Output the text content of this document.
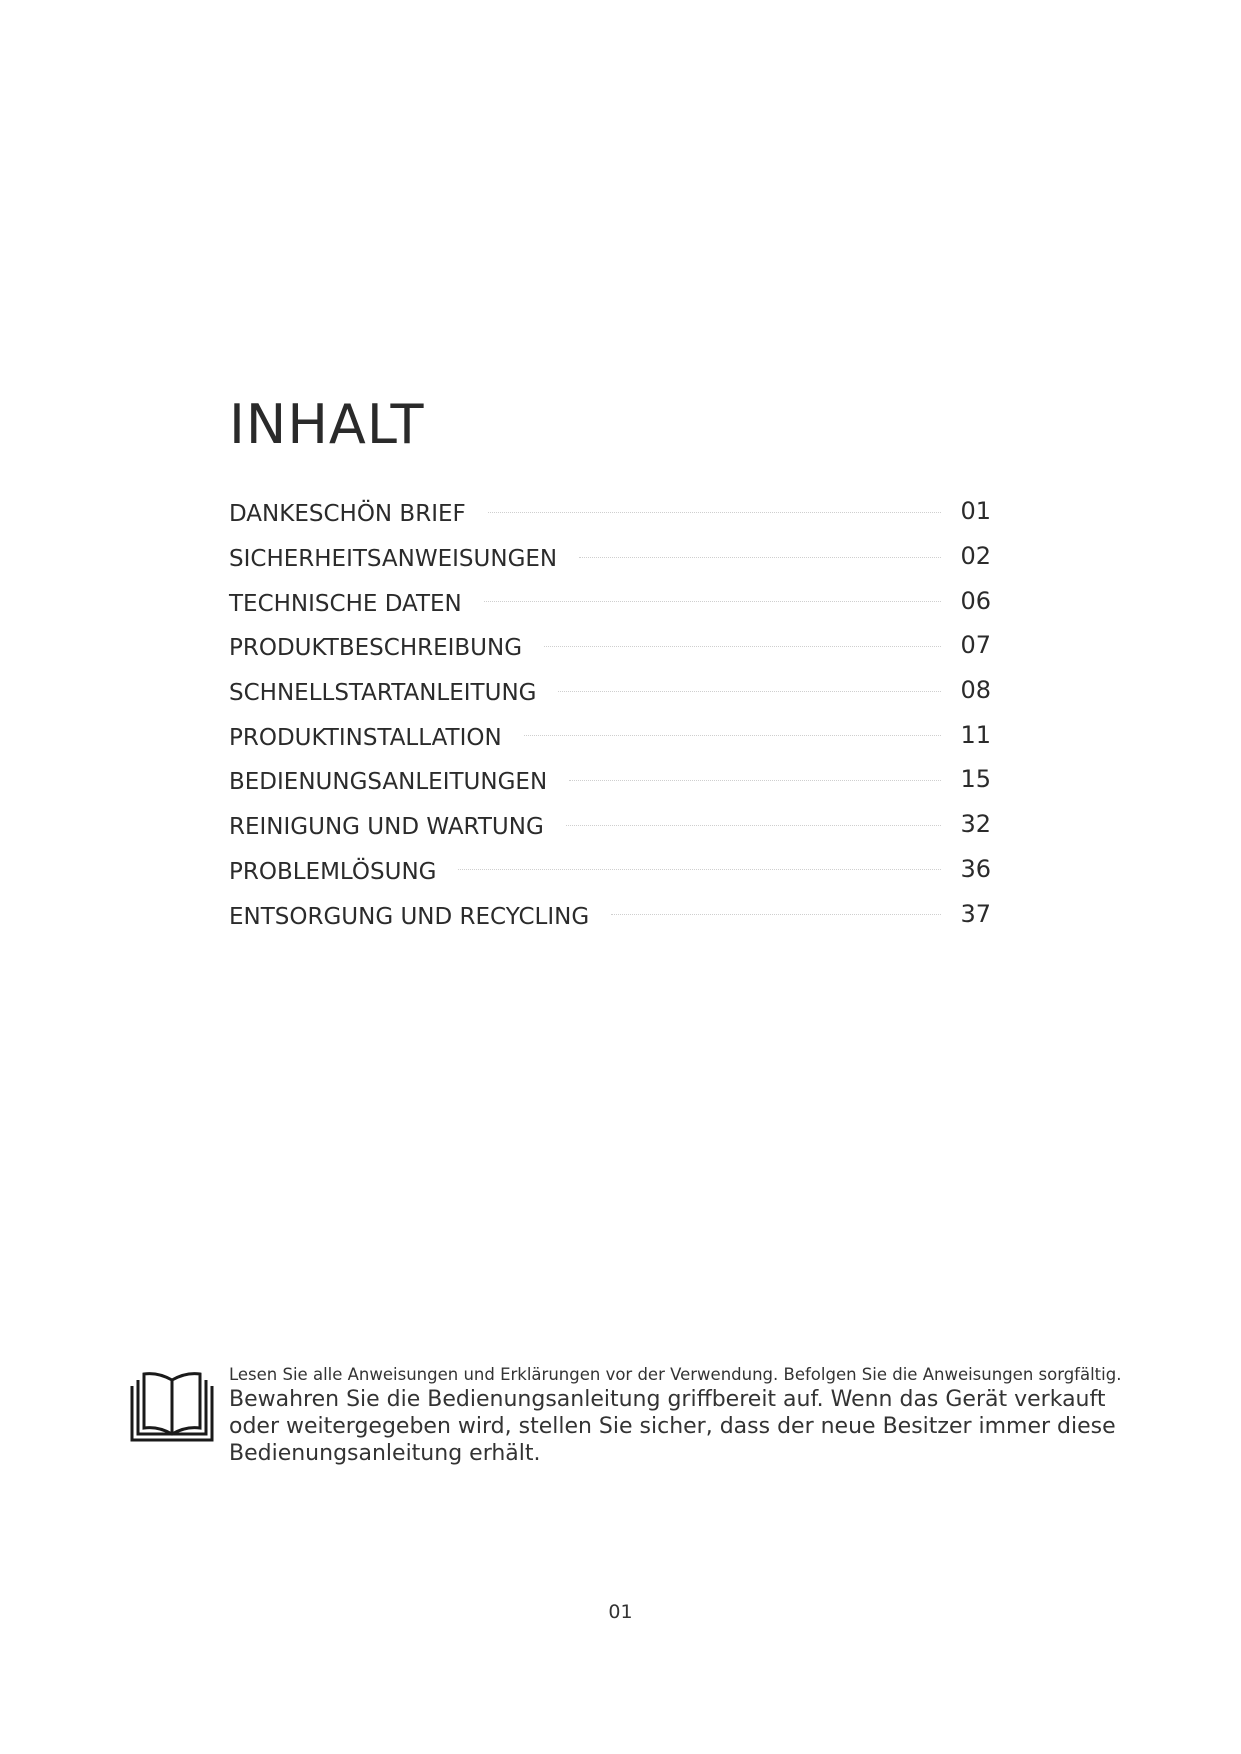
INHALT
DANKESCHÖN BRIEF	01
SICHERHEITSANWEISUNGEN	02
TECHNISCHE DATEN	06
PRODUKTBESCHREIBUNG	07
SCHNELLSTARTANLEITUNG	08
PRODUKTINSTALLATION	11
BEDIENUNGSANLEITUNGEN	15
REINIGUNG UND WARTUNG	32
PROBLEMLÖSUNG	36
ENTSORGUNG UND RECYCLING	37
Lesen Sie alle Anweisungen und Erklärungen vor der Verwendung. Befolgen Sie die Anweisungen sorgfältig.
Bewahren Sie die Bedienungsanleitung griffbereit auf. Wenn das Gerät verkauft oder weitergegeben wird, stellen Sie sicher, dass der neue Besitzer immer diese Bedienungsanleitung erhält.
01
